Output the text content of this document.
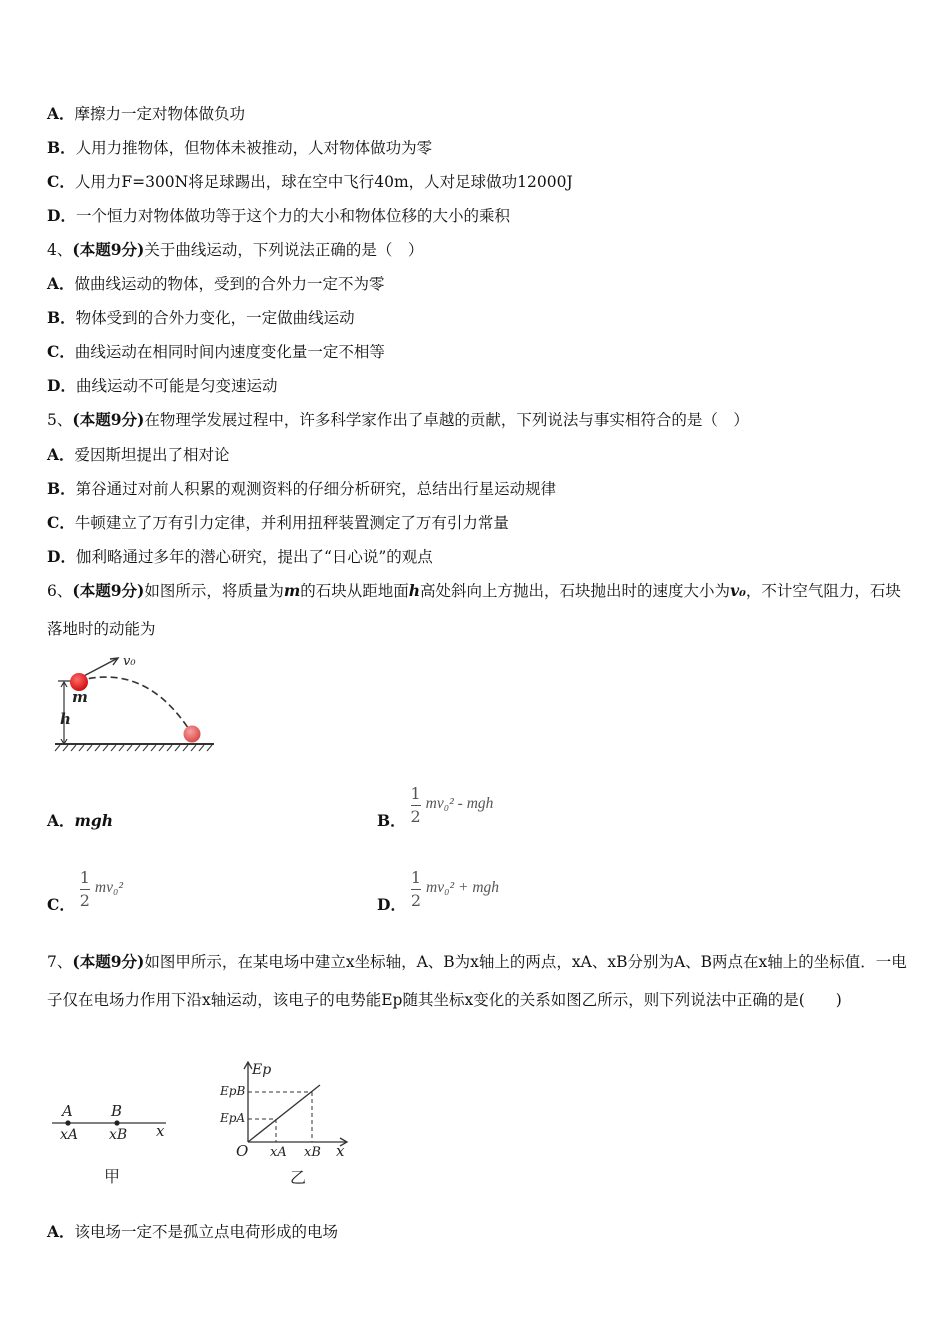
A．摩擦力一定对物体做负功
B．人用力推物体，但物体未被推动，人对物体做功为零
C．人用力F=300N将足球踢出，球在空中飞行40m，人对足球做功12000J
D．一个恒力对物体做功等于这个力的大小和物体位移的大小的乘积
4、(本题9分)关于曲线运动，下列说法正确的是（　）
A．做曲线运动的物体，受到的合外力一定不为零
B．物体受到的合外力变化，一定做曲线运动
C．曲线运动在相同时间内速度变化量一定不相等
D．曲线运动不可能是匀变速运动
5、(本题9分)在物理学发展过程中，许多科学家作出了卓越的贡献，下列说法与事实相符合的是（　）
A．爱因斯坦提出了相对论
B．第谷通过对前人积累的观测资料的仔细分析研究，总结出行星运动规律
C．牛顿建立了万有引力定律，并利用扭秤装置测定了万有引力常量
D．伽利略通过多年的潜心研究，提出了“日心说”的观点
6、(本题9分)如图所示，将质量为m的石块从距地面h高处斜向上方抛出，石块抛出时的速度大小为v₀，不计空气阻力，石块落地时的动能为
v₀
m
h
A．mgh	B． $\frac{1}{2} mv_0^2$ - mgh
C． $\frac{1}{2} mv_0^2$
D． $\frac{1}{2} mv_0^2$ + mgh
7、(本题9分)如图甲所示，在某电场中建立x坐标轴，A、B为x轴上的两点，xA、xB分别为A、B两点在x轴上的坐标值．一电子仅在电场力作用下沿x轴运动，该电子的电势能Ep随其坐标x变化的关系如图乙所示，则下列说法中正确的是(　　)
A	B
xA xB x
甲
Ep
EpB
EpA
O xA xB x
乙
A．该电场一定不是孤立点电荷形成的电场
